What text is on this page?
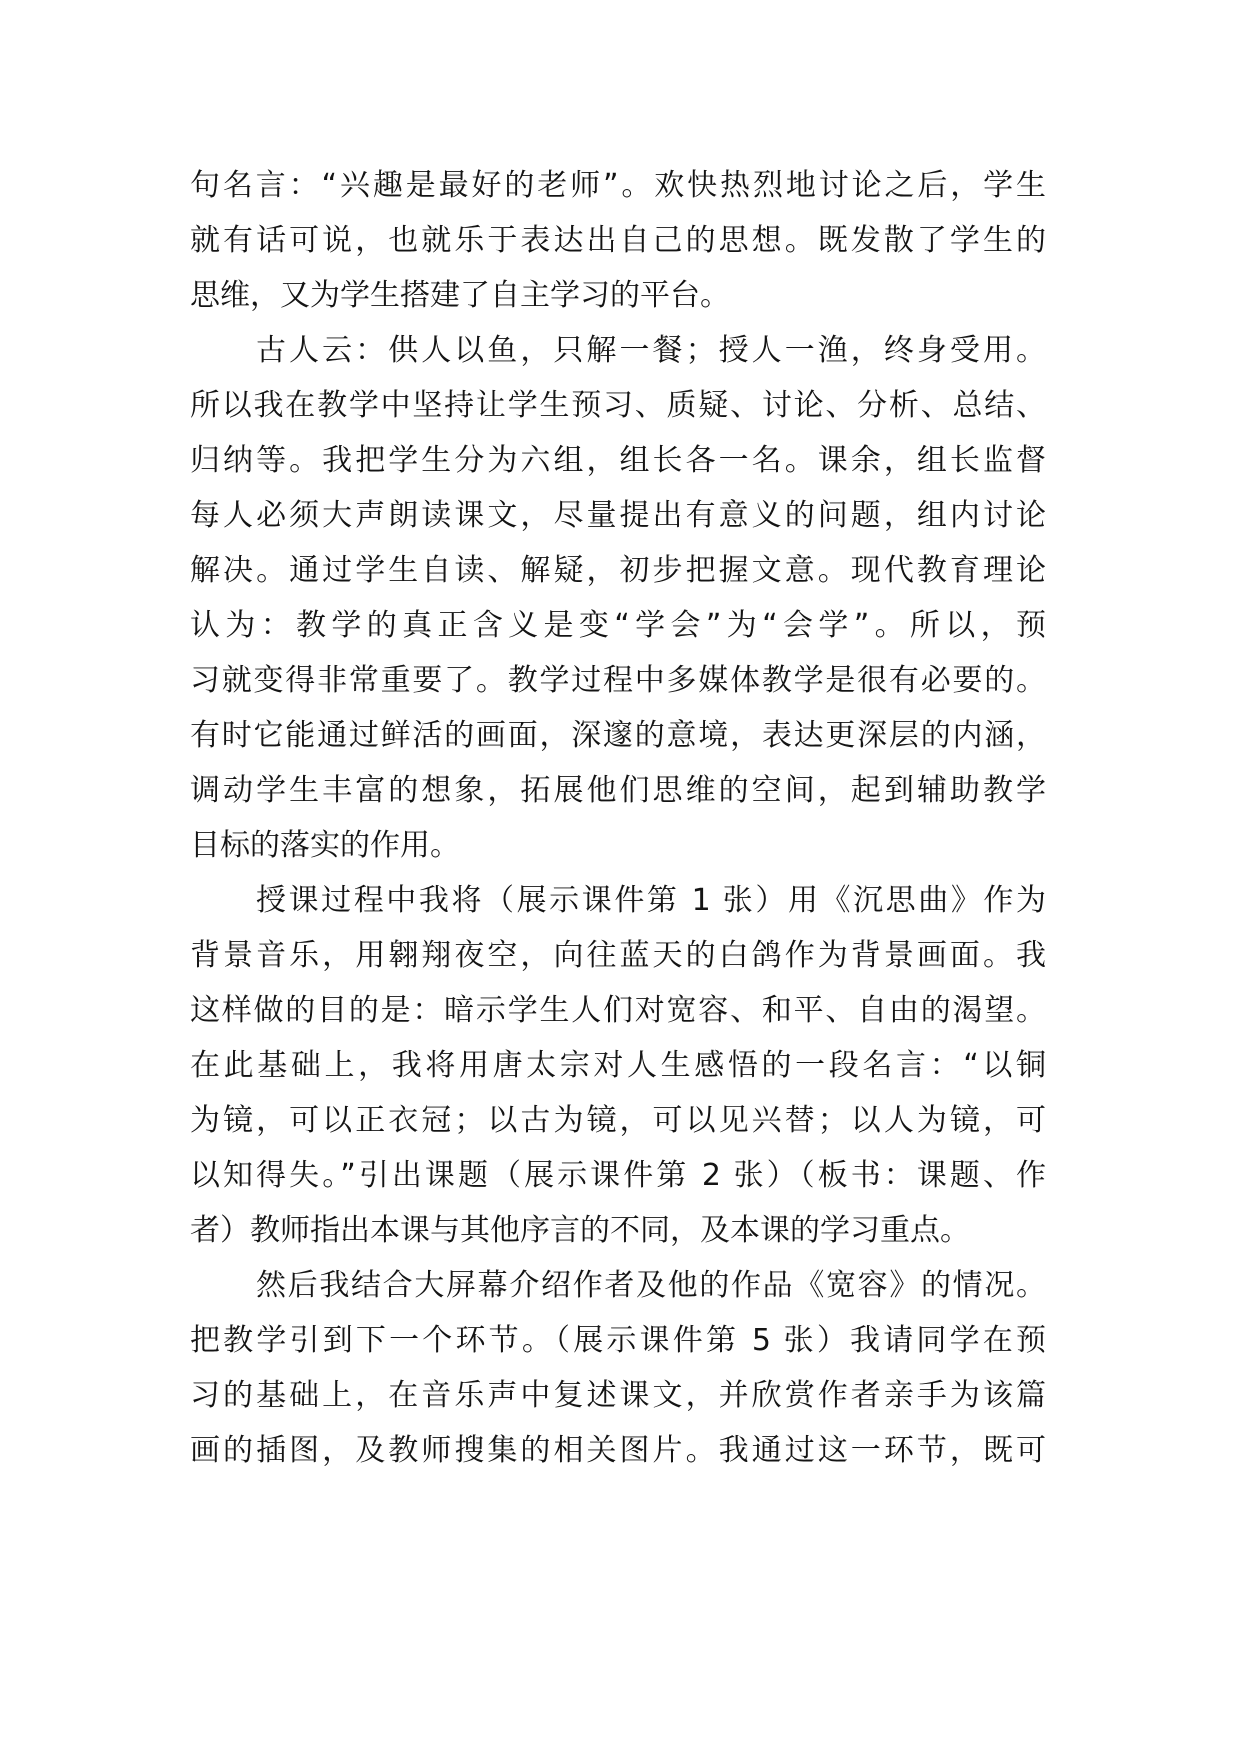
句名言：“兴趣是最好的老师”。欢快热烈地讨论之后，学生
就有话可说，也就乐于表达出自己的思想。既发散了学生的
思维，又为学生搭建了自主学习的平台。
古人云：供人以鱼，只解一餐；授人一渔，终身受用。
所以我在教学中坚持让学生预习、质疑、讨论、分析、总结、
归纳等。我把学生分为六组，组长各一名。课余，组长监督
每人必须大声朗读课文，尽量提出有意义的问题，组内讨论
解决。通过学生自读、解疑，初步把握文意。现代教育理论
认为：教学的真正含义是变“学会”为“会学”。所以，预
习就变得非常重要了。教学过程中多媒体教学是很有必要的。
有时它能通过鲜活的画面，深邃的意境，表达更深层的内涵，
调动学生丰富的想象，拓展他们思维的空间，起到辅助教学
目标的落实的作用。
授课过程中我将（展示课件第 1 张）用《沉思曲》作为
背景音乐，用翱翔夜空，向往蓝天的白鸽作为背景画面。我
这样做的目的是：暗示学生人们对宽容、和平、自由的渴望。
在此基础上，我将用唐太宗对人生感悟的一段名言：“以铜
为镜，可以正衣冠；以古为镜，可以见兴替；以人为镜，可
以知得失。”引出课题（展示课件第 2 张）（板书：课题、作
者）教师指出本课与其他序言的不同，及本课的学习重点。
然后我结合大屏幕介绍作者及他的作品《宽容》的情况。
把教学引到下一个环节。（展示课件第 5 张）我请同学在预
习的基础上，在音乐声中复述课文，并欣赏作者亲手为该篇
画的插图，及教师搜集的相关图片。我通过这一环节，既可
